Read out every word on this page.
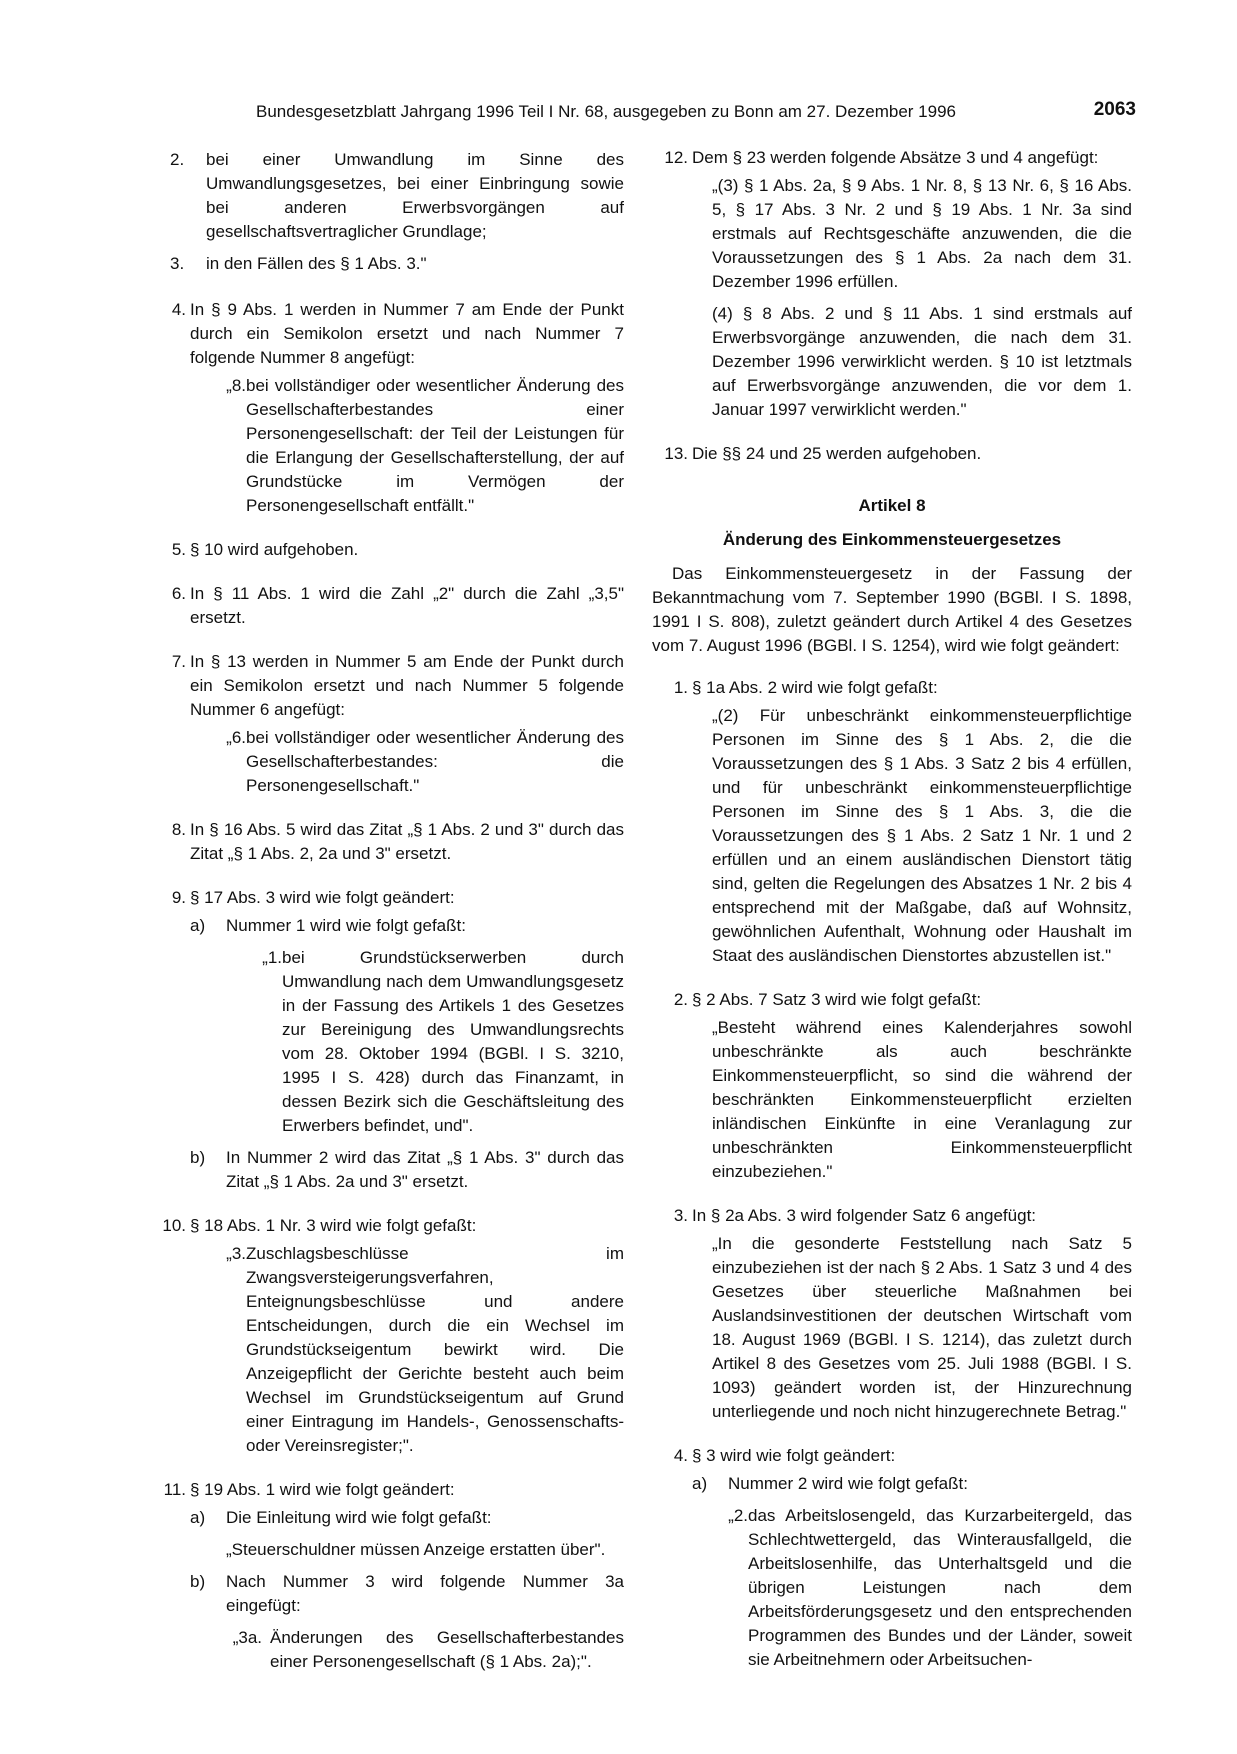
Bundesgesetzblatt Jahrgang 1996 Teil I Nr. 68, ausgegeben zu Bonn am 27. Dezember 1996	2063
2.	bei einer Umwandlung im Sinne des Umwandlungsgesetzes, bei einer Einbringung sowie bei anderen Erwerbsvorgängen auf gesellschaftsvertraglicher Grundlage;
3.	in den Fällen des § 1 Abs. 3."
4. In § 9 Abs. 1 werden in Nummer 7 am Ende der Punkt durch ein Semikolon ersetzt und nach Nummer 7 folgende Nummer 8 angefügt:
„8. bei vollständiger oder wesentlicher Änderung des Gesellschafterbestandes einer Personengesellschaft: der Teil der Leistungen für die Erlangung der Gesellschafterstellung, der auf Grundstücke im Vermögen der Personengesellschaft entfällt."
5. § 10 wird aufgehoben.
6. In § 11 Abs. 1 wird die Zahl „2" durch die Zahl „3,5" ersetzt.
7. In § 13 werden in Nummer 5 am Ende der Punkt durch ein Semikolon ersetzt und nach Nummer 5 folgende Nummer 6 angefügt:
„6. bei vollständiger oder wesentlicher Änderung des Gesellschafterbestandes: die Personengesellschaft."
8. In § 16 Abs. 5 wird das Zitat „§ 1 Abs. 2 und 3" durch das Zitat „§ 1 Abs. 2, 2a und 3" ersetzt.
9. § 17 Abs. 3 wird wie folgt geändert:
a)	Nummer 1 wird wie folgt gefaßt:
„1. bei Grundstückserwerben durch Umwandlung nach dem Umwandlungsgesetz in der Fassung des Artikels 1 des Gesetzes zur Bereinigung des Umwandlungsrechts vom 28. Oktober 1994 (BGBl. I S. 3210, 1995 I S. 428) durch das Finanzamt, in dessen Bezirk sich die Geschäftsleitung des Erwerbers befindet, und".
b)	In Nummer 2 wird das Zitat „§ 1 Abs. 3" durch das Zitat „§ 1 Abs. 2a und 3" ersetzt.
10. § 18 Abs. 1 Nr. 3 wird wie folgt gefaßt:
„3. Zuschlagsbeschlüsse im Zwangsversteigerungsverfahren, Enteignungsbeschlüsse und andere Entscheidungen, durch die ein Wechsel im Grundstückseigentum bewirkt wird. Die Anzeigepflicht der Gerichte besteht auch beim Wechsel im Grundstückseigentum auf Grund einer Eintragung im Handels-, Genossenschafts- oder Vereinsregister;".
11. § 19 Abs. 1 wird wie folgt geändert:
a)	Die Einleitung wird wie folgt gefaßt:
„Steuerschuldner müssen Anzeige erstatten über".
b)	Nach Nummer 3 wird folgende Nummer 3a eingefügt:
„3a. Änderungen des Gesellschafterbestandes einer Personengesellschaft (§ 1 Abs. 2a);".
12. Dem § 23 werden folgende Absätze 3 und 4 angefügt:
„(3) § 1 Abs. 2a, § 9 Abs. 1 Nr. 8, § 13 Nr. 6, § 16 Abs. 5, § 17 Abs. 3 Nr. 2 und § 19 Abs. 1 Nr. 3a sind erstmals auf Rechtsgeschäfte anzuwenden, die die Voraussetzungen des § 1 Abs. 2a nach dem 31. Dezember 1996 erfüllen.
(4) § 8 Abs. 2 und § 11 Abs. 1 sind erstmals auf Erwerbsvorgänge anzuwenden, die nach dem 31. Dezember 1996 verwirklicht werden. § 10 ist letztmals auf Erwerbsvorgänge anzuwenden, die vor dem 1. Januar 1997 verwirklicht werden."
13. Die §§ 24 und 25 werden aufgehoben.
Artikel 8
Änderung des Einkommensteuergesetzes
Das Einkommensteuergesetz in der Fassung der Bekanntmachung vom 7. September 1990 (BGBl. I S. 1898, 1991 I S. 808), zuletzt geändert durch Artikel 4 des Gesetzes vom 7. August 1996 (BGBl. I S. 1254), wird wie folgt geändert:
1. § 1a Abs. 2 wird wie folgt gefaßt:
„(2) Für unbeschränkt einkommensteuerpflichtige Personen im Sinne des § 1 Abs. 2, die die Voraussetzungen des § 1 Abs. 3 Satz 2 bis 4 erfüllen, und für unbeschränkt einkommensteuerpflichtige Personen im Sinne des § 1 Abs. 3, die die Voraussetzungen des § 1 Abs. 2 Satz 1 Nr. 1 und 2 erfüllen und an einem ausländischen Dienstort tätig sind, gelten die Regelungen des Absatzes 1 Nr. 2 bis 4 entsprechend mit der Maßgabe, daß auf Wohnsitz, gewöhnlichen Aufenthalt, Wohnung oder Haushalt im Staat des ausländischen Dienstortes abzustellen ist."
2. § 2 Abs. 7 Satz 3 wird wie folgt gefaßt:
„Besteht während eines Kalenderjahres sowohl unbeschränkte als auch beschränkte Einkommensteuerpflicht, so sind die während der beschränkten Einkommensteuerpflicht erzielten inländischen Einkünfte in eine Veranlagung zur unbeschränkten Einkommensteuerpflicht einzubeziehen."
3. In § 2a Abs. 3 wird folgender Satz 6 angefügt:
„In die gesonderte Feststellung nach Satz 5 einzubeziehen ist der nach § 2 Abs. 1 Satz 3 und 4 des Gesetzes über steuerliche Maßnahmen bei Auslandsinvestitionen der deutschen Wirtschaft vom 18. August 1969 (BGBl. I S. 1214), das zuletzt durch Artikel 8 des Gesetzes vom 25. Juli 1988 (BGBl. I S. 1093) geändert worden ist, der Hinzurechnung unterliegende und noch nicht hinzugerechnete Betrag."
4. § 3 wird wie folgt geändert:
a)	Nummer 2 wird wie folgt gefaßt:
„2. das Arbeitslosengeld, das Kurzarbeitergeld, das Schlechtwettergeld, das Winterausfallgeld, die Arbeitslosenhilfe, das Unterhaltsgeld und die übrigen Leistungen nach dem Arbeitsförderungsgesetz und den entsprechenden Programmen des Bundes und der Länder, soweit sie Arbeitnehmern oder Arbeitsuchen-
